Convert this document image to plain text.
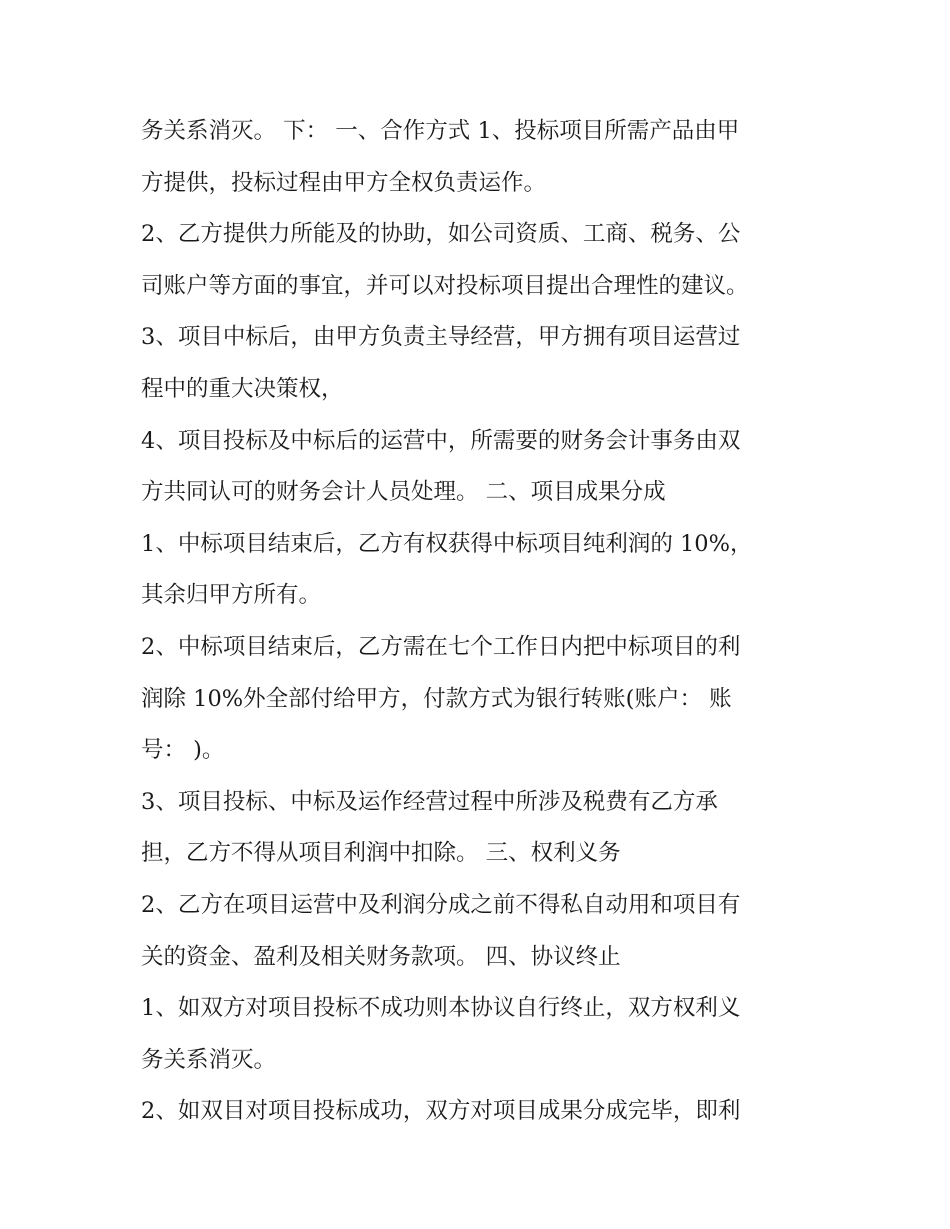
务关系消灭。 下： 一、合作方式 1、投标项目所需产品由甲
方提供，投标过程由甲方全权负责运作。
2、乙方提供力所能及的协助，如公司资质、工商、税务、公
司账户等方面的事宜，并可以对投标项目提出合理性的建议。
3、项目中标后，由甲方负责主导经营，甲方拥有项目运营过
程中的重大决策权，
4、项目投标及中标后的运营中，所需要的财务会计事务由双
方共同认可的财务会计人员处理。 二、项目成果分成
1、中标项目结束后，乙方有权获得中标项目纯利润的 10%，
其余归甲方所有。
2、中标项目结束后，乙方需在七个工作日内把中标项目的利
润除 10%外全部付给甲方，付款方式为银行转账(账户： 账
号： )。
3、项目投标、中标及运作经营过程中所涉及税费有乙方承
担，乙方不得从项目利润中扣除。 三、权利义务
2、乙方在项目运营中及利润分成之前不得私自动用和项目有
关的资金、盈利及相关财务款项。 四、协议终止
1、如双方对项目投标不成功则本协议自行终止，双方权利义
务关系消灭。
2、如双目对项目投标成功，双方对项目成果分成完毕，即利
